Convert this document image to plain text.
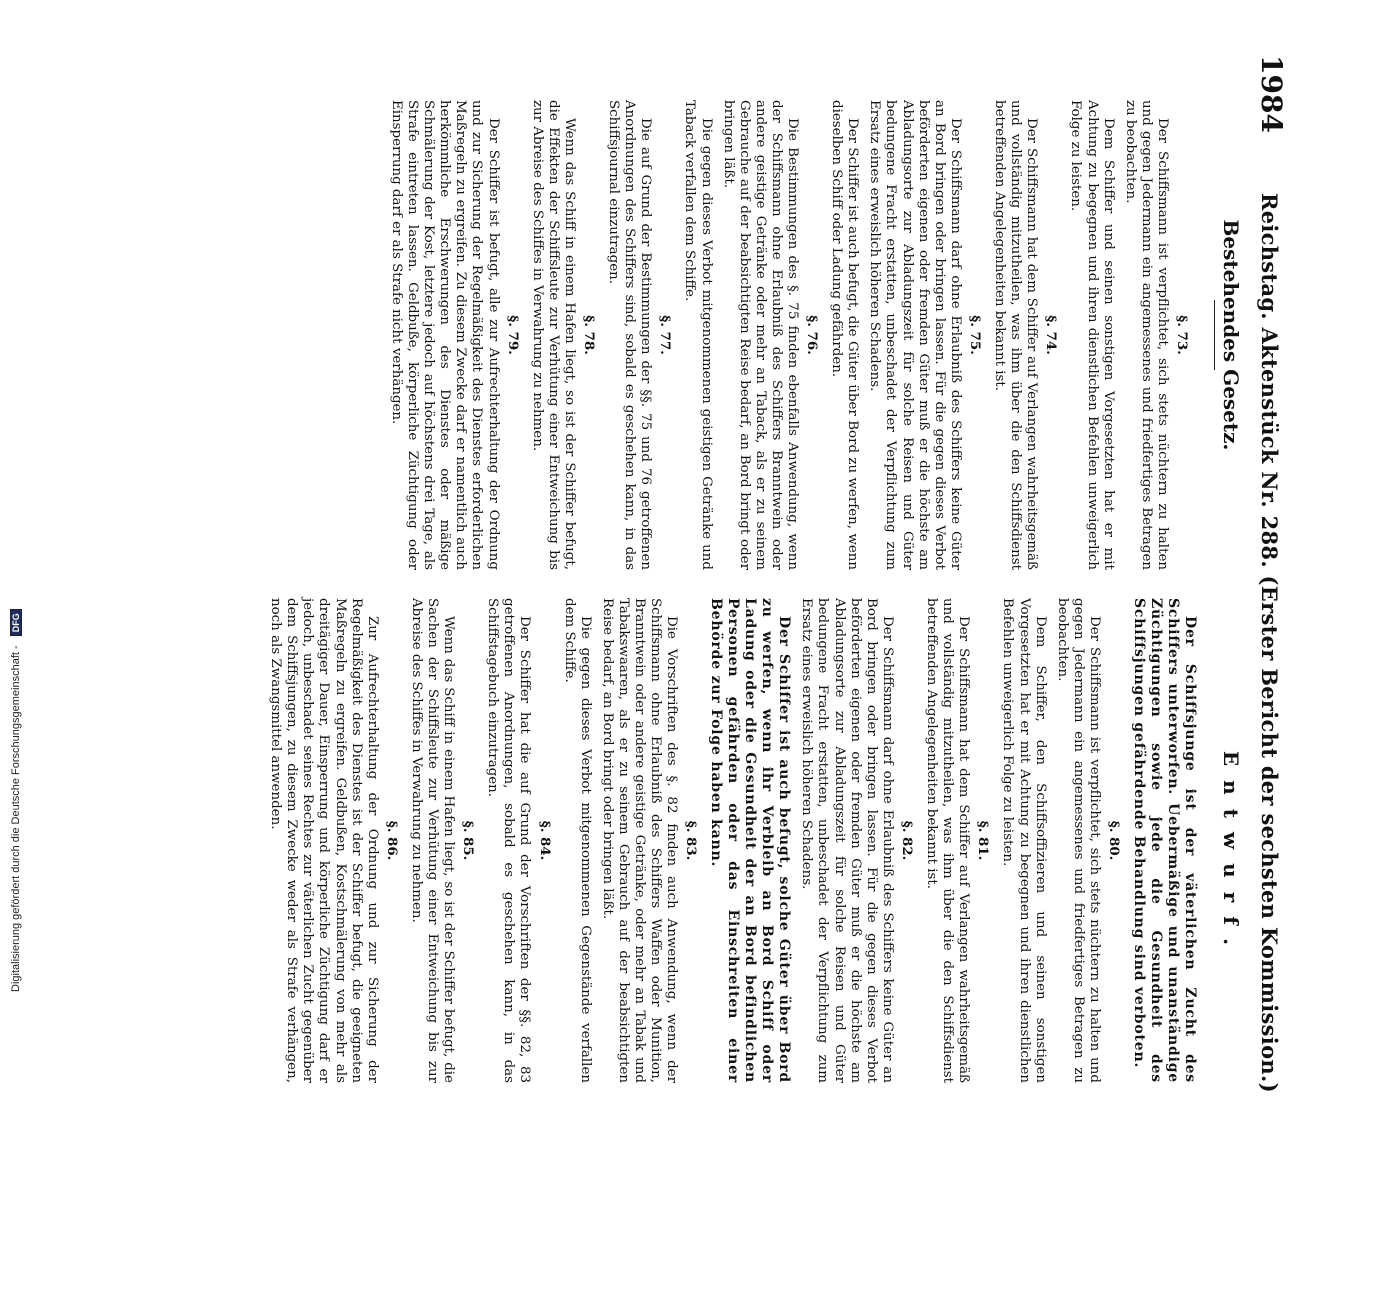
1984
Reichstag. Aktenstück Nr. 288. (Erster Bericht der sechsten Kommission.)
Bestehendes Gesetz.
Entwurf.

§. 73.

Der Schiffsmann ist verpflichtet, sich stets nüchtern zu halten und gegen Jedermann ein angemessenes und friedfertiges Betragen zu beobachten.

Dem Schiffer und seinen sonstigen Vorgesetzten hat er mit Achtung zu begegnen und ihren dienstlichen Befehlen unweigerlich Folge zu leisten.

§. 74.

Der Schiffsmann hat dem Schiffer auf Verlangen wahrheitsgemäß und vollständig mitzutheilen, was ihm über die den Schiffsdienst betreffenden Angelegenheiten bekannt ist.

§. 75.

Der Schiffsmann darf ohne Erlaubniß des Schiffers keine Güter an Bord bringen oder bringen lassen. Für die gegen dieses Verbot beförderten eigenen oder fremden Güter muß er die höchste am Abladungsorte zur Abladungszeit für solche Reisen und Güter bedungene Fracht erstatten, unbeschadet der Verpflichtung zum Ersatz eines erweislich höheren Schadens.

Der Schiffer ist auch befugt, die Güter über Bord zu werfen, wenn dieselben Schiff oder Ladung gefährden.

§. 76.

Die Bestimmungen des §. 75 finden ebenfalls Anwendung, wenn der Schiffsmann ohne Erlaubniß des Schiffers Branntwein oder andere geistige Getränke oder mehr an Taback, als er zu seinem Gebrauche auf der beabsichtigten Reise bedarf, an Bord bringt oder bringen läßt.

Die gegen dieses Verbot mitgenommenen geistigen Getränke und Taback verfallen dem Schiffe.

§. 77.

Die auf Grund der Bestimmungen der §§. 75 und 76 getroffenen Anordnungen des Schiffers sind, sobald es geschehen kann, in das Schiffsjournal einzutragen.

§. 78.

Wenn das Schiff in einem Hafen liegt, so ist der Schiffer befugt, die Effekten der Schiffsleute zur Verhütung einer Entweichung bis zur Abreise des Schiffes in Verwahrung zu nehmen.

§. 79.

Der Schiffer ist befugt, alle zur Aufrechterhaltung der Ordnung und zur Sicherung der Regelmäßigkeit des Dienstes erforderlichen Maßregeln zu ergreifen. Zu diesem Zwecke darf er namentlich auch herkömmliche Erschwerungen des Dienstes oder mäßige Schmälerung der Kost, letztere jedoch auf höchstens drei Tage, als Strafe eintreten lassen. Geldbuße, körperliche Züchtigung oder Einsperrung darf er als Strafe nicht verhängen.

Der Schiffsjunge ist der väterlichen Zucht des Schiffers unterworfen. Uebermäßige und unanständige Züchtigungen sowie jede die Gesundheit des Schiffsjungen gefährdende Behandlung sind verboten.

§. 80.

Der Schiffsmann ist verpflichtet, sich stets nüchtern zu halten und gegen Jedermann ein angemessenes und friedfertiges Betragen zu beobachten.

Dem Schiffer, den Schiffsoffizieren und seinen sonstigen Vorgesetzten hat er mit Achtung zu begegnen und ihren dienstlichen Befehlen unweigerlich Folge zu leisten.

§. 81.

Der Schiffsmann hat dem Schiffer auf Verlangen wahrheitsgemäß und vollständig mitzutheilen, was ihm über die den Schiffsdienst betreffenden Angelegenheiten bekannt ist.

§. 82.

Der Schiffsmann darf ohne Erlaubniß des Schiffers keine Güter an Bord bringen oder bringen lassen. Für die gegen dieses Verbot beförderten eigenen oder fremden Güter muß er die höchste am Abladungsorte zur Abladungszeit für solche Reisen und Güter bedungene Fracht erstatten, unbeschadet der Verpflichtung zum Ersatz eines erweislich höheren Schadens.

Der Schiffer ist auch befugt, solche Güter über Bord zu werfen, wenn ihr Verbleib an Bord Schiff oder Ladung oder die Gesundheit der an Bord befindlichen Personen gefährden oder das Einschreiten einer Behörde zur Folge haben kann.

§. 83.

Die Vorschriften des §. 82 finden auch Anwendung, wenn der Schiffsmann ohne Erlaubniß des Schiffers Waffen oder Munition, Branntwein oder andere geistige Getränke, oder mehr an Tabak und Tabakswaaren, als er zu seinem Gebrauch auf der beabsichtigten Reise bedarf, an Bord bringt oder bringen läßt.

Die gegen dieses Verbot mitgenommenen Gegenstände verfallen dem Schiffe.

§. 84.

Der Schiffer hat die auf Grund der Vorschriften der §§. 82, 83 getroffenen Anordnungen, sobald es geschehen kann, in das Schiffstagebuch einzutragen.

§. 85.

Wenn das Schiff in einem Hafen liegt, so ist der Schiffer befugt, die Sachen der Schiffsleute zur Verhütung einer Entweichung bis zur Abreise des Schiffes in Verwahrung zu nehmen.

§. 86.

Zur Aufrechterhaltung der Ordnung und zur Sicherung der Regelmäßigkeit des Dienstes ist der Schiffer befugt, die geeigneten Maßregeln zu ergreifen. Geldbußen, Kostschmälerung von mehr als dreitägiger Dauer, Einsperrung und körperliche Züchtigung darf er jedoch, unbeschadet seines Rechtes zur väterlichen Zucht gegenüber dem Schiffsjungen, zu diesem Zwecke weder als Strafe verhängen, noch als Zwangsmittel anwenden.

Digitalisierung gefördert durch die Deutsche Forschungsgemeinschaft - DFG
